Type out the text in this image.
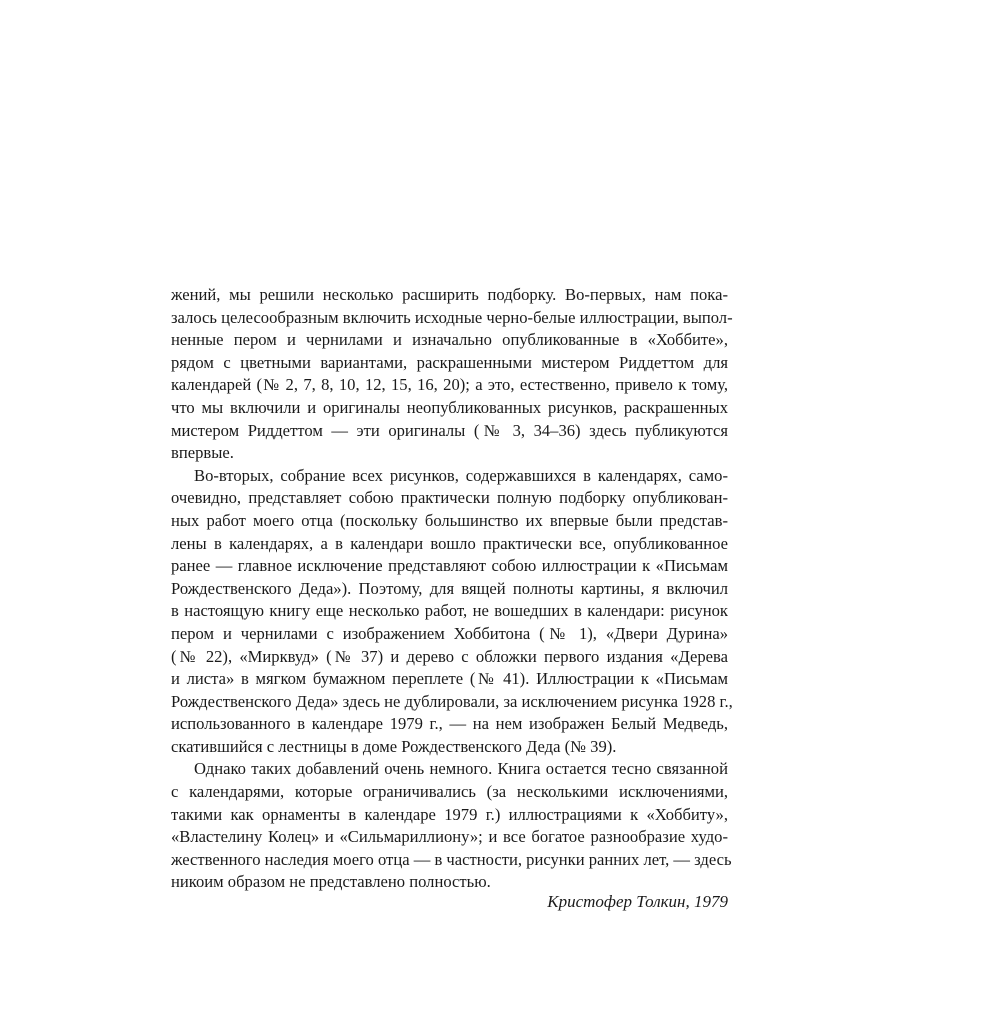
жений, мы решили несколько расширить подборку. Во-первых, нам пока-
залось целесообразным включить исходные черно-белые иллюстрации, выпол-
ненные пером и чернилами и изначально опубликованные в «Хоббите»,
рядом с цветными вариантами, раскрашенными мистером Риддеттом для
календарей (№ 2, 7, 8, 10, 12, 15, 16, 20); а это, естественно, привело к тому,
что мы включили и оригиналы неопубликованных рисунков, раскрашенных
мистером Риддеттом — эти оригиналы (№ 3, 34–36) здесь публикуются
впервые.
Во-вторых, собрание всех рисунков, содержавшихся в календарях, само-
очевидно, представляет собою практически полную подборку опубликован-
ных работ моего отца (поскольку большинство их впервые были представ-
лены в календарях, а в календари вошло практически все, опубликованное
ранее — главное исключение представляют собою иллюстрации к «Письмам
Рождественского Деда»). Поэтому, для вящей полноты картины, я включил
в настоящую книгу еще несколько работ, не вошедших в календари: рисунок
пером и чернилами с изображением Хоббитона (№ 1), «Двери Дурина»
(№ 22), «Мирквуд» (№ 37) и дерево с обложки первого издания «Дерева
и листа» в мягком бумажном переплете (№ 41). Иллюстрации к «Письмам
Рождественского Деда» здесь не дублировали, за исключением рисунка 1928 г.,
использованного в календаре 1979 г., — на нем изображен Белый Медведь,
скатившийся с лестницы в доме Рождественского Деда (№ 39).
Однако таких добавлений очень немного. Книга остается тесно связанной
с календарями, которые ограничивались (за несколькими исключениями,
такими как орнаменты в календаре 1979 г.) иллюстрациями к «Хоббиту»,
«Властелину Колец» и «Сильмариллиону»; и все богатое разнообразие худо-
жественного наследия моего отца — в частности, рисунки ранних лет, — здесь
никоим образом не представлено полностью.
Кристофер Толкин, 1979
